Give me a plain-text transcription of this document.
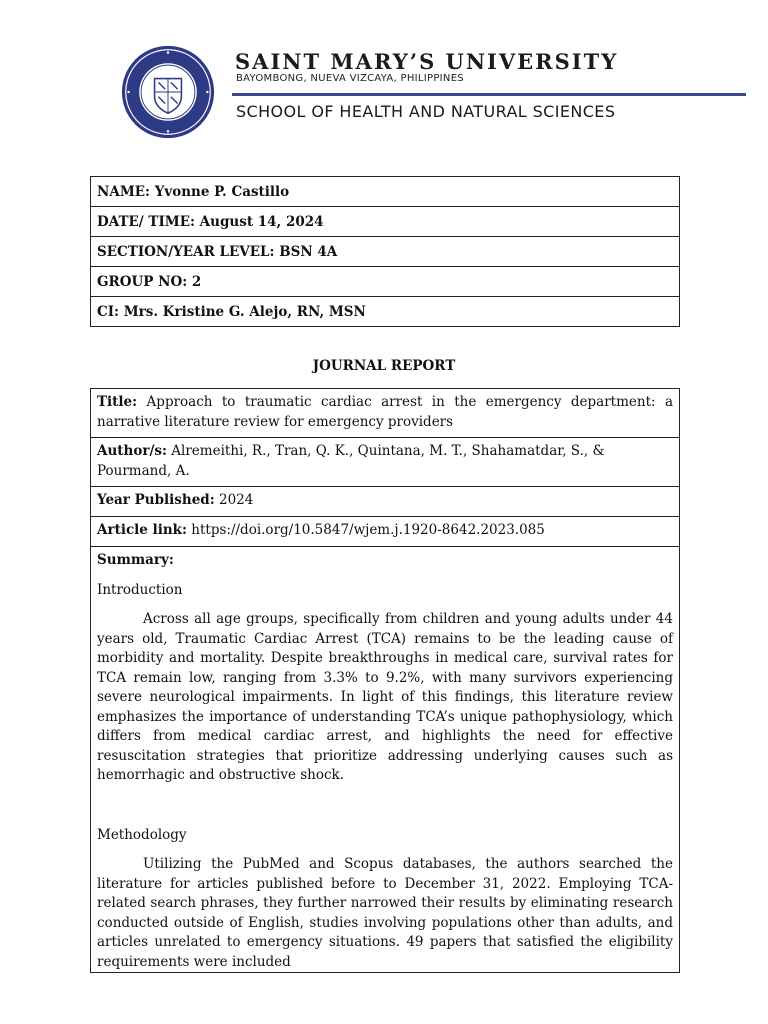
SAINT MARY’S UNIVERSITY
BAYOMBONG, NUEVA VIZCAYA, PHILIPPINES
SCHOOL OF HEALTH AND NATURAL SCIENCES
NAME: Yvonne P. Castillo
DATE/ TIME: August 14, 2024
SECTION/YEAR LEVEL: BSN 4A
GROUP NO: 2
CI: Mrs. Kristine G. Alejo, RN, MSN
JOURNAL REPORT
Title: Approach to traumatic cardiac arrest in the emergency department: a narrative literature review for emergency providers
Author/s: Alremeithi, R., Tran, Q. K., Quintana, M. T., Shahamatdar, S., & Pourmand, A.
Year Published: 2024
Article link: https://doi.org/10.5847/wjem.j.1920-8642.2023.085

Summary:

Introduction

Across all age groups, specifically from children and young adults under 44 years old, Traumatic Cardiac Arrest (TCA) remains to be the leading cause of morbidity and mortality. Despite breakthroughs in medical care, survival rates for TCA remain low, ranging from 3.3% to 9.2%, with many survivors experiencing severe neurological impairments. In light of this findings, this literature review emphasizes the importance of understanding TCA’s unique pathophysiology, which differs from medical cardiac arrest, and highlights the need for effective resuscitation strategies that prioritize addressing underlying causes such as hemorrhagic and obstructive shock.

Methodology

Utilizing the PubMed and Scopus databases, the authors searched the literature for articles published before to December 31, 2022. Employing TCA-related search phrases, they further narrowed their results by eliminating research conducted outside of English, studies involving populations other than adults, and articles unrelated to emergency situations. 49 papers that satisfied the eligibility requirements were included
